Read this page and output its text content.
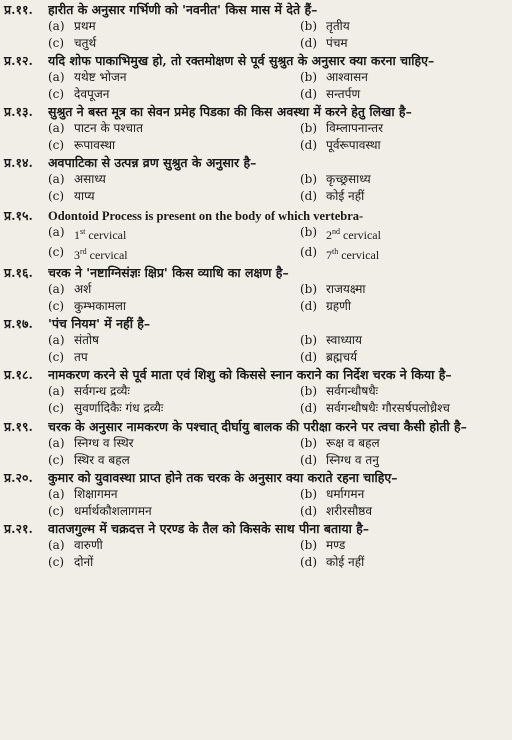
प्र.११.	हारीत के अनुसार गर्भिणी को 'नवनीत' किस मास में देते हैं–
(a) प्रथम	(b) तृतीय
(c) चतुर्थ	(d) पंचम
प्र.१२.	यदि शोफ पाकाभिमुख हो, तो रक्तमोक्षण से पूर्व सुश्रुत के अनुसार क्या करना चाहिए–
(a) यथेष्ट भोजन	(b) आश्वासन
(c) देवपूजन	(d) सन्तर्पण
प्र.१३.	सुश्रुत ने बस्त मूत्र का सेवन प्रमेह पिडका की किस अवस्था में करने हेतु लिखा है–
(a) पाटन के पश्चात	(b) विम्लापनान्तर
(c) रूपावस्था	(d) पूर्वरूपावस्था
प्र.१४.	अवपाटिका से उत्पन्न व्रण सुश्रुत के अनुसार है–
(a) असाध्य	(b) कृच्छ्रसाध्य
(c) याप्य	(d) कोई नहीं
प्र.१५.	Odontoid Process is present on the body of which vertebra-
(a) 1st cervical	(b) 2nd cervical
(c) 3rd cervical	(d) 7th cervical
प्र.१६.	चरक ने 'नष्टाग्निसंज्ञः क्षिप्र' किस व्याधि का लक्षण है–
(a) अर्श	(b) राजयक्ष्मा
(c) कुम्भकामला	(d) ग्रहणी
प्र.१७.	'पंच नियम' में नहीं है–
(a) संतोष	(b) स्वाध्याय
(c) तप	(d) ब्रह्मचर्य
प्र.१८.	नामकरण करने से पूर्व माता एवं शिशु को किससे स्नान कराने का निर्देश चरक ने किया है–
(a) सर्वगन्ध द्रव्यैः	(b) सर्वगन्धौषधैः
(c) सुवर्णादिकैः गंध द्रव्यैः	(d) सर्वगन्धौषधैः गौरसर्षपलोध्रैश्च
प्र.१९.	चरक के अनुसार नामकरण के पश्चात् दीर्घायु बालक की परीक्षा करने पर त्वचा कैसी होती है–
(a) स्निग्ध व स्थिर	(b) रूक्ष व बहल
(c) स्थिर व बहल	(d) स्निग्ध व तनु
प्र.२०.	कुमार को युवावस्था प्राप्त होने तक चरक के अनुसार क्या कराते रहना चाहिए–
(a) शिक्षागमन	(b) धर्मागमन
(c) धर्मार्थकौशलागमन	(d) शरीरसौष्ठव
प्र.२१.	वातजगुल्म में चक्रदत्त ने एरण्ड के तैल को किसके साथ पीना बताया है–
(a) वारुणी	(b) मण्ड
(c) दोनों	(d) कोई नहीं
